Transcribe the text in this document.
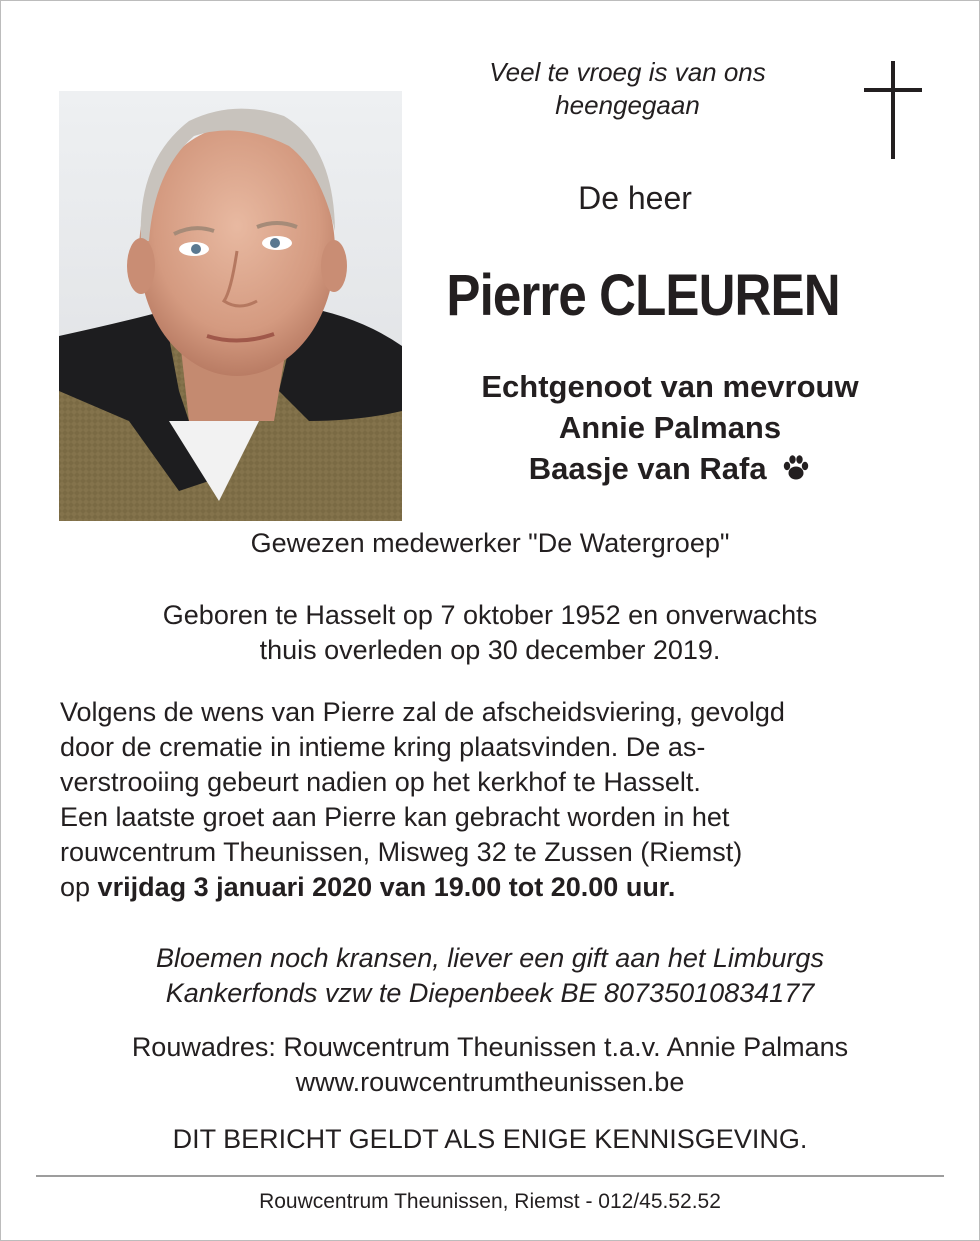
Veel te vroeg is van ons
heengegaan
De heer
Pierre CLEUREN
Echtgenoot van mevrouw
Annie Palmans
Baasje van Rafa
Gewezen medewerker "De Watergroep"
Geboren te Hasselt op 7 oktober 1952 en onverwachts
thuis overleden op 30 december 2019.
Volgens de wens van Pierre zal de afscheidsviering, gevolgd
door de crematie in intieme kring plaatsvinden. De as-
verstrooiing gebeurt nadien op het kerkhof te Hasselt.
Een laatste groet aan Pierre kan gebracht worden in het
rouwcentrum Theunissen, Misweg 32 te Zussen (Riemst)
op vrijdag 3 januari 2020 van 19.00 tot 20.00 uur.
Bloemen noch kransen, liever een gift aan het Limburgs
Kankerfonds vzw te Diepenbeek BE 80735010834177
Rouwadres: Rouwcentrum Theunissen t.a.v. Annie Palmans
www.rouwcentrumtheunissen.be
DIT BERICHT GELDT ALS ENIGE KENNISGEVING.
Rouwcentrum Theunissen, Riemst - 012/45.52.52
